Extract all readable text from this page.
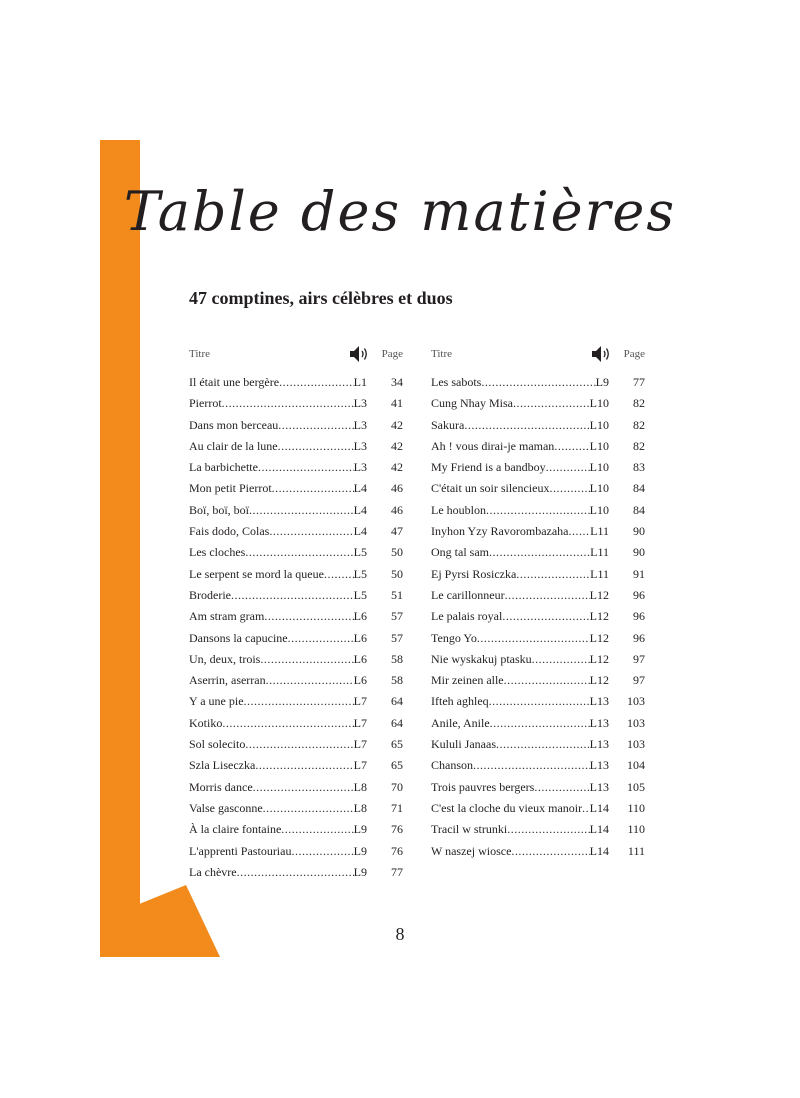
Table des matières
47 comptines, airs célèbres et duos
Titre	Page
Il était une bergère .....	L1	34
Pierrot .....	L3	41
Dans mon berceau .....	L3	42
Au clair de la lune .....	L3	42
La barbichette .....	L3	42
Mon petit Pierrot .....	L4	46
Boï, boï, boï .....	L4	46
Fais dodo, Colas .....	L4	47
Les cloches .....	L5	50
Le serpent se mord la queue ..... L5	50
Broderie .....	L5	51
Am stram gram .....	L6	57
Dansons la capucine .....	L6	57
Un, deux, trois .....	L6	58
Aserrin, aserran .....	L6	58
Y a une pie .....	L7	64
Kotiko .....	L7	64
Sol solecito .....	L7	65
Szla Liseczka .....	L7	65
Morris dance .....	L8	70
Valse gasconne .....	L8	71
À la claire fontaine .....	L9	76
L'apprenti Pastouriau .....	L9	76
La chèvre .....	L9	77
Titre	Page
Les sabots .....	L9	77
Cung Nhay Misa .....	L10	82
Sakura .....	L10	82
Ah ! vous dirai-je maman .....	L10	82
My Friend is a bandboy .....	L10	83
C'était un soir silencieux .....	L10	84
Le houblon .....	L10	84
Inyhon Yzy Ravorombazaha ..... L11	90
Ong tal sam .....	L11	90
Ej Pyrsi Rosiczka .....	L11	91
Le carillonneur .....	L12	96
Le palais royal .....	L12	96
Tengo Yo .....	L12	96
Nie wyskakuj ptasku .....	L12	97
Mir zeinen alle .....	L12	97
Ifteh aghleq .....	L13	103
Anile, Anile .....	L13	103
Kululi Janaas .....	L13	103
Chanson .....	L13	104
Trois pauvres bergers .....	L13	105
C'est la cloche du vieux manoir ..... L14	110
Tracil w strunki .....	L14	110
W naszej wiosce .....	L14	111
8
